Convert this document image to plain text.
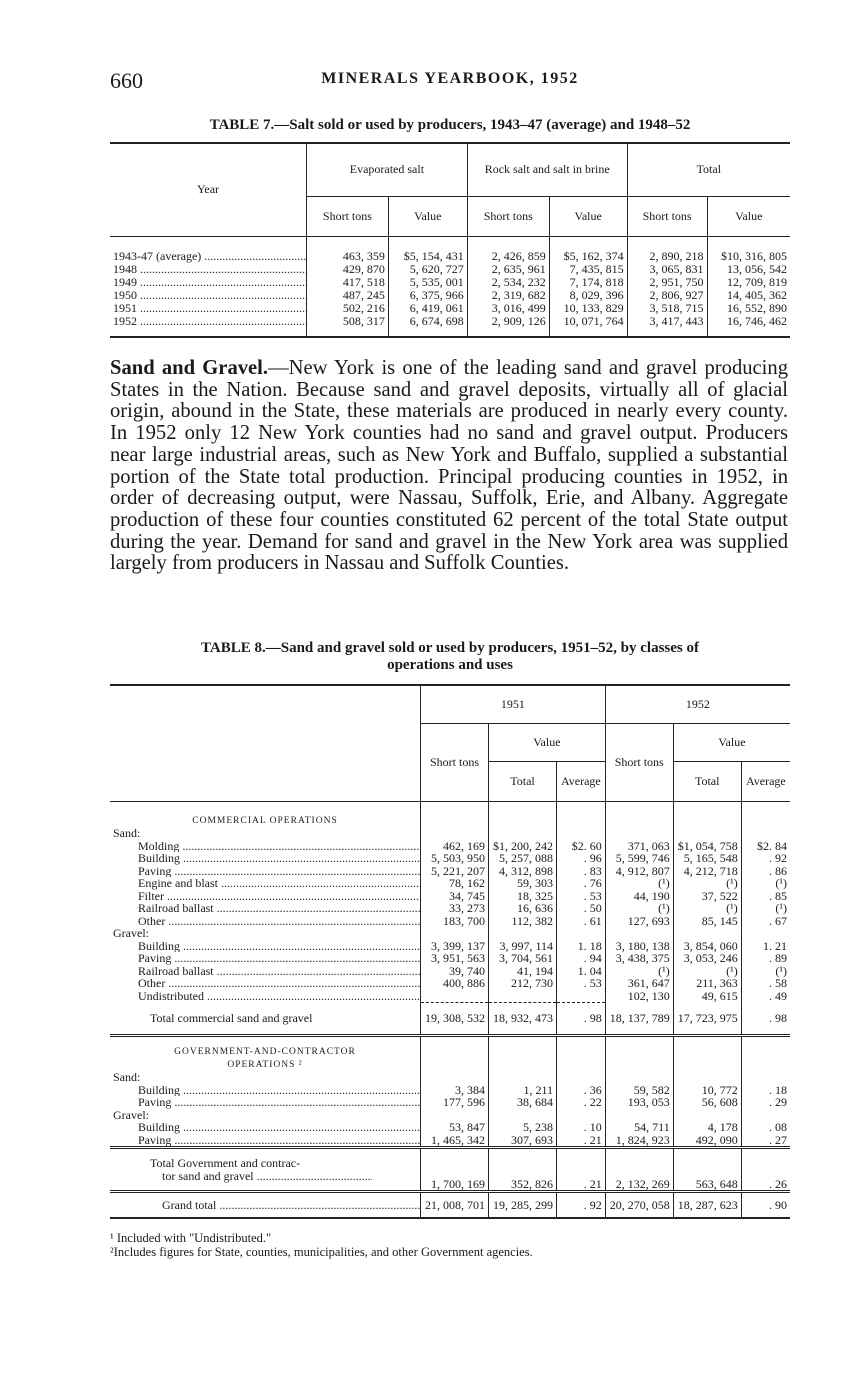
660	MINERALS YEARBOOK, 1952
TABLE 7.—Salt sold or used by producers, 1943–47 (average) and 1948–52
Year	Evaporated salt		Rock salt and salt in brine		Total	
	Short tons	Value	Short tons	Value	Short tons	Value

1943-47 (average) .....	463, 359	$5, 154, 431	2, 426, 859	$5, 162, 374	2, 890, 218	$10, 316, 805
1948 .....	429, 870	5, 620, 727	2, 635, 961	7, 435, 815	3, 065, 831	13, 056, 542
1949 .....	417, 518	5, 535, 001	2, 534, 232	7, 174, 818	2, 951, 750	12, 709, 819
1950 .....	487, 245	6, 375, 966	2, 319, 682	8, 029, 396	2, 806, 927	14, 405, 362
1951 .....	502, 216	6, 419, 061	3, 016, 499	10, 133, 829	3, 518, 715	16, 552, 890
1952 .....	508, 317	6, 674, 698	2, 909, 126	10, 071, 764	3, 417, 443	16, 746, 462
Sand and Gravel.—New York is one of the leading sand and gravel producing States in the Nation. Because sand and gravel deposits, virtually all of glacial origin, abound in the State, these materials are produced in nearly every county. In 1952 only 12 New York counties had no sand and gravel output. Producers near large industrial areas, such as New York and Buffalo, supplied a substantial portion of the State total production. Principal producing counties in 1952, in order of decreasing output, were Nassau, Suffolk, Erie, and Albany. Aggregate production of these four counties constituted 62 percent of the total State output during the year. Demand for sand and gravel in the New York area was supplied largely from producers in Nassau and Suffolk Counties.
TABLE 8.—Sand and gravel sold or used by producers, 1951–52, by classes of
operations and uses
	1951			1952		
	Short tons	Value		Short tons	Value	
		Total	Average		Total	Average

COMMERCIAL OPERATIONS						

Sand:						
Molding .....	462, 169	$1, 200, 242	$2. 60	371, 063	$1, 054, 758	$2. 84
Building .....	5, 503, 950	5, 257, 088	. 96	5, 599, 746	5, 165, 548	. 92
Paving .....	5, 221, 207	4, 312, 898	. 83	4, 912, 807	4, 212, 718	. 86
Engine and blast .....	78, 162	59, 303	. 76	(¹)	(¹)	(¹)
Filter .....	34, 745	18, 325	. 53	44, 190	37, 522	. 85
Railroad ballast .....	33, 273	16, 636	. 50	(¹)	(¹)	(¹)
Other .....	183, 700	112, 382	. 61	127, 693	85, 145	. 67
Gravel:						
Building .....	3, 399, 137	3, 997, 114	1. 18	3, 180, 138	3, 854, 060	1. 21
Paving .....	3, 951, 563	3, 704, 561	. 94	3, 438, 375	3, 053, 246	. 89
Railroad ballast .....	39, 740	41, 194	1. 04	(¹)	(¹)	(¹)
Other .....	400, 886	212, 730	. 53	361, 647	211, 363	. 58
Undistributed .....				102, 130	49, 615	. 49
Total commercial sand and gravel	19, 308, 532	18, 932, 473	. 98	18, 137, 789	17, 723, 975	. 98

GOVERNMENT-AND-CONTRACTOR
OPERATIONS ²						

Sand:						
Building .....	3, 384	1, 211	. 36	59, 582	10, 772	. 18
Paving .....	177, 596	38, 684	. 22	193, 053	56, 608	. 29
Gravel:						
Building .....	53, 847	5, 238	. 10	54, 711	4, 178	. 08
Paving .....	1, 465, 342	307, 693	. 21	1, 824, 923	492, 090	. 27

Total Government and contrac-
tor sand and gravel .....	1, 700, 169	352, 826	. 21	2, 132, 269	563, 648	. 26
Grand total .....	21, 008, 701	19, 285, 299	. 92	20, 270, 058	18, 287, 623	. 90
¹ Included with "Undistributed."
²Includes figures for State, counties, municipalities, and other Government agencies.
